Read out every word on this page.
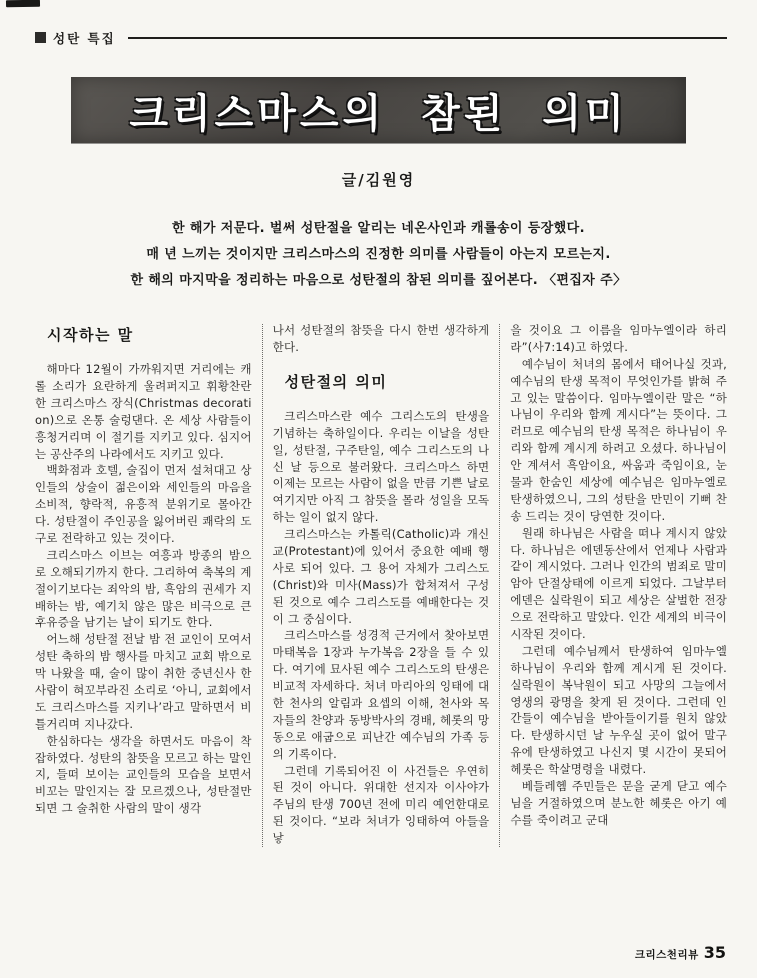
성탄 특집
크리스마스의 참된 의미
글/김원영

한 해가 저문다. 벌써 성탄절을 알리는 네온사인과 캐롤송이 등장했다.

매 년 느끼는 것이지만 크리스마스의 진정한 의미를 사람들이 아는지 모르는지.

한 해의 마지막을 정리하는 마음으로 성탄절의 참된 의미를 짚어본다. 〈편집자 주〉

시작하는 말

해마다 12월이 가까워지면 거리에는 캐롤 소리가 요란하게 울려퍼지고 휘황찬란한 크리스마스 장식(Christmas decoration)으로 온통 술렁댄다. 온 세상 사람들이 흥청거리며 이 절기를 지키고 있다. 심지어는 공산주의 나라에서도 지키고 있다.

백화점과 호텔, 술집이 먼저 설쳐대고 상인들의 상술이 젊은이와 세인들의 마음을 소비적, 향락적, 유흥적 분위기로 몰아간다. 성탄절이 주인공을 잃어버린 쾌락의 도구로 전락하고 있는 것이다.

크리스마스 이브는 여흥과 방종의 밤으로 오해되기까지 한다. 그리하여 축복의 계절이기보다는 죄악의 밤, 흑암의 권세가 지배하는 밤, 예기치 않은 많은 비극으로 큰 후유증을 남기는 날이 되기도 한다.

어느해 성탄절 전날 밤 전 교인이 모여서 성탄 축하의 밤 행사를 마치고 교회 밖으로 막 나왔을 때, 술이 많이 취한 중년신사 한 사람이 혀꼬부라진 소리로 ‘아니, 교회에서도 크리스마스를 지키나’라고 말하면서 비틀거리며 지나갔다.

한심하다는 생각을 하면서도 마음이 착잡하였다. 성탄의 참뜻을 모르고 하는 말인지, 들떠 보이는 교인들의 모습을 보면서 비꼬는 말인지는 잘 모르겠으나, 성탄절만 되면 그 술취한 사람의 말이 생각

나서 성탄절의 참뜻을 다시 한번 생각하게 한다.

성탄절의 의미

크리스마스란 예수 그리스도의 탄생을 기념하는 축하일이다. 우리는 이날을 성탄일, 성탄절, 구주탄일, 예수 그리스도의 나신 날 등으로 불러왔다. 크리스마스 하면 이제는 모르는 사람이 없을 만큼 기쁜 날로 여기지만 아직 그 참뜻을 몰라 성일을 모독하는 일이 없지 않다.

크리스마스는 카톨릭(Catholic)과 개신교(Protestant)에 있어서 중요한 예배 행사로 되어 있다. 그 용어 자체가 그리스도(Christ)와 미사(Mass)가 합쳐져서 구성된 것으로 예수 그리스도를 예배한다는 것이 그 중심이다.

크리스마스를 성경적 근거에서 찾아보면 마태복음 1장과 누가복음 2장을 들 수 있다. 여기에 묘사된 예수 그리스도의 탄생은 비교적 자세하다. 처녀 마리아의 잉태에 대한 천사의 알림과 요셉의 이해, 천사와 목자들의 찬양과 동방박사의 경배, 헤롯의 망동으로 애굽으로 피난간 예수님의 가족 등의 기록이다.

그런데 기록되어진 이 사건들은 우연히 된 것이 아니다. 위대한 선지자 이사야가 주님의 탄생 700년 전에 미리 예언한대로 된 것이다. “보라 처녀가 잉태하여 아들을 낳

을 것이요 그 이름을 임마누엘이라 하리라”(사7:14)고 하였다.

예수님이 처녀의 몸에서 태어나실 것과, 예수님의 탄생 목적이 무엇인가를 밝혀 주고 있는 말씀이다. 임마누엘이란 말은 “하나님이 우리와 함께 계시다”는 뜻이다. 그러므로 예수님의 탄생 목적은 하나님이 우리와 함께 계시게 하려고 오셨다. 하나님이 안 계셔서 흑암이요, 싸움과 죽임이요, 눈물과 한숨인 세상에 예수님은 임마누엘로 탄생하였으니, 그의 성탄을 만민이 기뻐 찬송 드리는 것이 당연한 것이다.

원래 하나님은 사람을 떠나 계시지 않았다. 하나님은 에덴동산에서 언제나 사람과 같이 계시었다. 그러나 인간의 범죄로 말미암아 단절상태에 이르게 되었다. 그날부터 에덴은 실락원이 되고 세상은 살벌한 전장으로 전락하고 말았다. 인간 세계의 비극이 시작된 것이다.

그런데 예수님께서 탄생하여 임마누엘 하나님이 우리와 함께 계시게 된 것이다. 실락원이 복낙원이 되고 사망의 그늘에서 영생의 광명을 찾게 된 것이다. 그런데 인간들이 예수님을 받아들이기를 원치 않았다. 탄생하시던 날 누우실 곳이 없어 말구유에 탄생하였고 나신지 몇 시간이 못되어 헤롯은 학살명령을 내렸다.

베들레헴 주민들은 문을 굳게 닫고 예수님을 거절하였으며 분노한 헤롯은 아기 예수를 죽이려고 군대

크리스천리뷰 35
